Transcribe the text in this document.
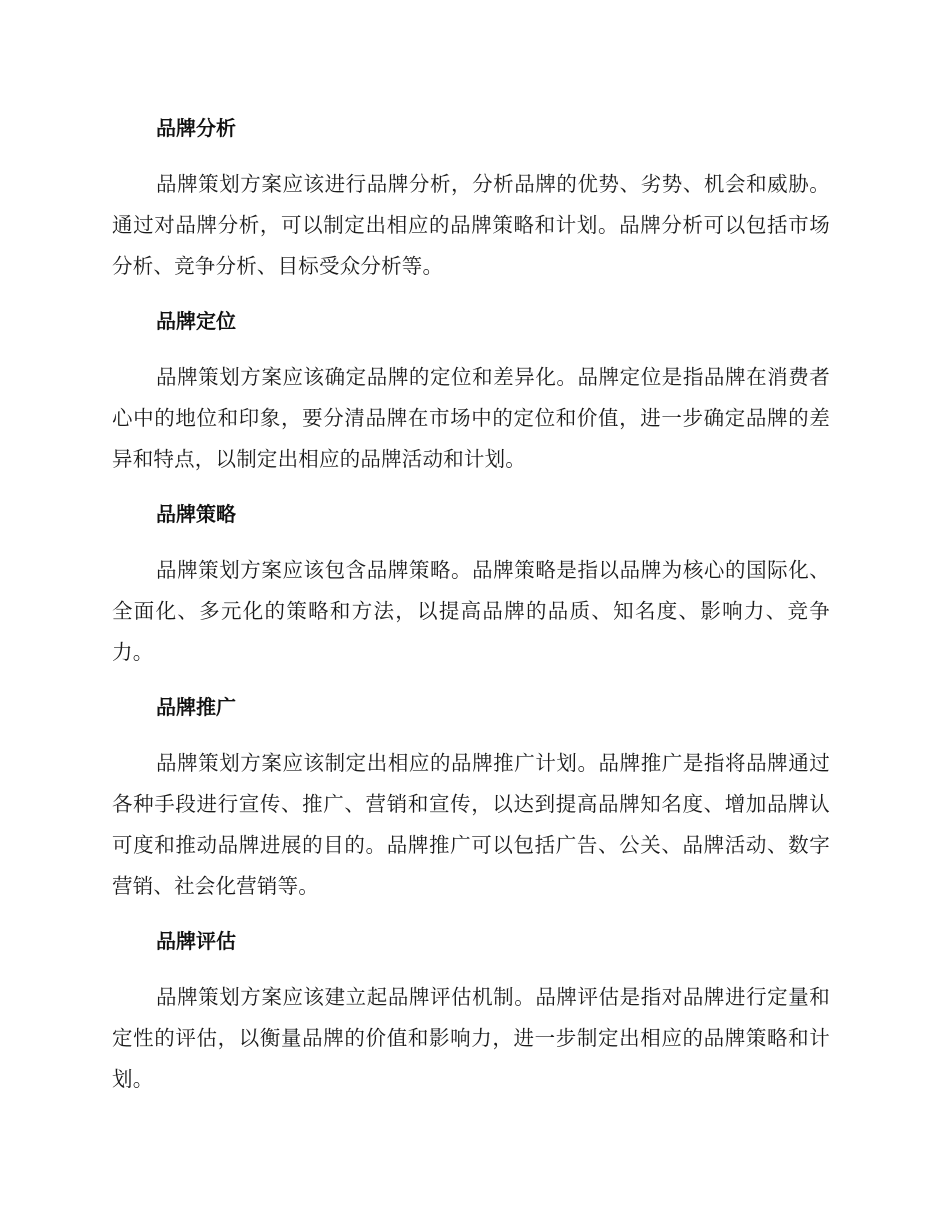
品牌分析

品牌策划方案应该进行品牌分析，分析品牌的优势、劣势、机会和威胁。通过对品牌分析，可以制定出相应的品牌策略和计划。品牌分析可以包括市场分析、竞争分析、目标受众分析等。

品牌定位

品牌策划方案应该确定品牌的定位和差异化。品牌定位是指品牌在消费者心中的地位和印象，要分清品牌在市场中的定位和价值，进一步确定品牌的差异和特点，以制定出相应的品牌活动和计划。

品牌策略

品牌策划方案应该包含品牌策略。品牌策略是指以品牌为核心的国际化、全面化、多元化的策略和方法，以提高品牌的品质、知名度、影响力、竞争力。

品牌推广

品牌策划方案应该制定出相应的品牌推广计划。品牌推广是指将品牌通过各种手段进行宣传、推广、营销和宣传，以达到提高品牌知名度、增加品牌认可度和推动品牌进展的目的。品牌推广可以包括广告、公关、品牌活动、数字营销、社会化营销等。

品牌评估

品牌策划方案应该建立起品牌评估机制。品牌评估是指对品牌进行定量和定性的评估，以衡量品牌的价值和影响力，进一步制定出相应的品牌策略和计划。
